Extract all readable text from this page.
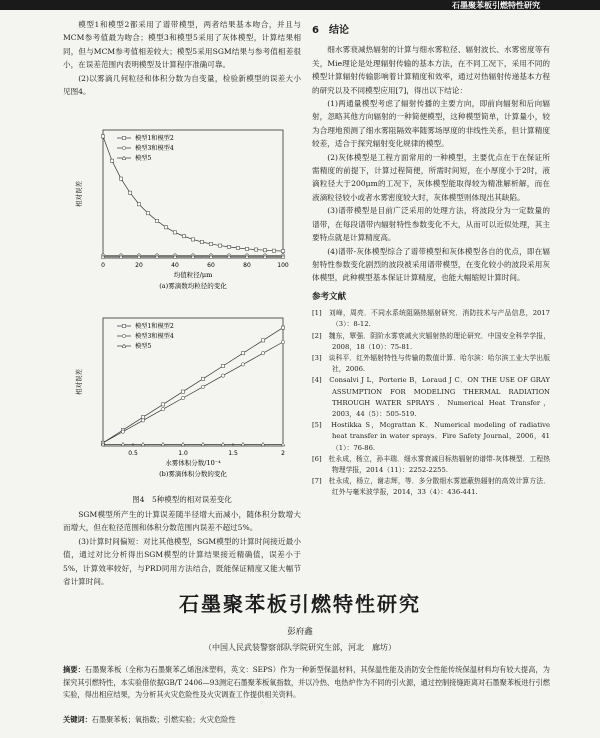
石墨聚苯板引燃特性研究

模型1和模型2都采用了谱带模型，两者结果基本吻合，并且与MCM参考值最为吻合；模型3和模型5采用了灰体模型，计算结果相同，但与MCM参考值相差较大；模型5采用SGM结果与参考值相差很小，在误差范围内表明模型及计算程序准确可靠。

(2)以雾滴几何粒径和体积分数为自变量，检验新模型的误差大小见图4。

0	20	40	60	80	100
相对误差
均值粒径/μm
(a)雾滴数均粒径的变化
模型1和模型2
模型3和模型4
模型5
0.5	1.0	1.5	2
相对误差
水雾体积分数/10⁻⁴
(b)雾滴体积分数的变化
模型1和模型2
模型3和模型4
模型5
图4　5种模型的相对误差变化

SGM模型所产生的计算误差随半径增大而减小，随体积分数增大而增大，但在粒径范围和体积分数范围内误差不超过5%。

(3)计算时间偏短：对比其他模型，SGM模型的计算时间接近最小值，通过对比分析得出SGM模型的计算结果接近精确值，误差小于5%，计算效率较好，与PRD同用方法结合，既能保证精度又能大幅节省计算时间。

6　结论

细水雾衰减热辐射的计算与细水雾粒径、辐射波长、水雾密度等有关，Mie理论是处理辐射传输的基本方法，在不同工况下，采用不同的模型计算辐射传输影响着计算精度和效率，通过对热辐射传递基本方程的研究以及不同模型应用[7]，得出以下结论：

(1)两通量模型考虑了辐射传播的主要方向，即前向辐射和后向辐射，忽略其他方向辐射的一种简便模型，这种模型简单，计算量小，较为合理地预测了细水雾阻隔效率随雾场厚度的非线性关系，但计算精度较差，适合于探究辐射变化规律的模型。

(2)灰体模型是工程方面常用的一种模型，主要优点在于在保证所需精度的前提下，计算过程简便，所需时间短，在小厚度小于2时，液滴粒径大于200μm的工况下，灰体模型能取得较为精准解析解，而在液滴粒径较小或者水雾密度较大时，灰体模型则体现出其缺陷。

(3)谱带模型是目前广泛采用的处理方法，将波段分为一定数量的谱带，在每段谱带内辐射特性参数变化不大，从而可以近似处理，其主要特点就是计算精度高。

(4)谱带-灰体模型综合了谱带模型和灰体模型各自的优点，即在辐射特性参数变化剧烈的波段被采用谱带模型，在变化较小的波段采用灰体模型，此种模型基本保证计算精度，也能大幅缩短计算时间。

参考文献

[1]　刘峰，周亮．不同水系统阻隔热辐射研究．消防技术与产品信息，2017（3）：8-12.

[2]　魏东，覃强．阴阶水雾衰减火灾辐射热的理论研究．中国安全科学学报，2008，18（10）：75-81.

[3]　谈科平．红外辐射特性与传输的数值计算．哈尔滨：哈尔滨工业大学出版社，2006.

[4]　Consalvi J L，Porterie B，Loraud J C．ON THE USE OF GRAY ASSUMPTION FOR MODELING THERMAL RADIATION THROUGH WATER SPRAYS．Numerical Heat Transfer，2003，44（5）：505-519.

[5]　Hostikka S，Mcgrattan K．Numerical modeling of radiative heat transfer in water sprays．Fire Safety Journal，2006，41（1）：76-86.

[6]　杜永成，杨立，孙丰瑞．细水雾衰减目标热辐射的谱带-灰体模型．工程热物理学报，2014（11）：2252-2255.

[7]　杜永成，杨立，谢志辉，等．多分散细水雾遮蔽热辐射的高效计算方法．红外与毫米波学报，2014，33（4）：436-441.

石墨聚苯板引燃特性研究
彭府鑫
（中国人民武装警察部队学院研究生部，河北　廊坊）
摘要：石墨聚苯板（全称为石墨聚苯乙烯泡沫塑料，英文：SEPS）作为一种新型保温材料，其保温性能及消防安全性能传统保温材料均有较大提高，为探究其引燃特性，本实验借依据GB/T 2406—93测定石墨聚苯板氧指数，并以冷热、电热炉作为不同的引火源，通过控制接缝距离对石墨聚苯板进行引燃实验，得出相应结果，为分析其火灾危险性及火灾调查工作提供相关资料。
关键词：石墨聚苯板；氧指数；引燃实验；火灾危险性
